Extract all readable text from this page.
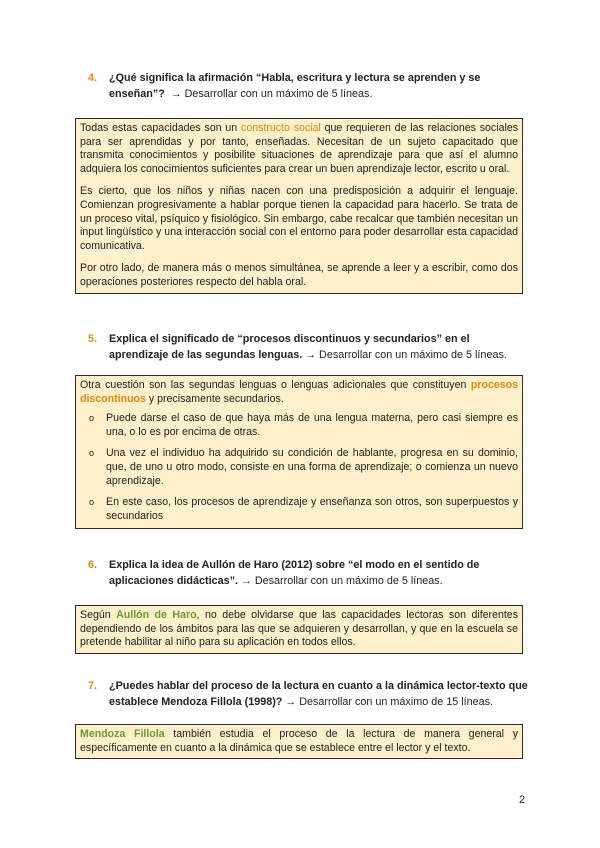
4. ¿Qué significa la afirmación “Habla, escritura y lectura se aprenden y se enseñan”? → Desarrollar con un máximo de 5 líneas.

Todas estas capacidades son un constructo social que requieren de las relaciones sociales para ser aprendidas y por tanto, enseñadas. Necesitan de un sujeto capacitado que transmita conocimientos y posibilite situaciones de aprendizaje para que así el alumno adquiera los conocimientos suficientes para crear un buen aprendizaje lector, escrito u oral.

Es cierto, que los niños y niñas nacen con una predisposición a adquirir el lenguaje. Comienzan progresivamente a hablar porque tienen la capacidad para hacerlo. Se trata de un proceso vital, psíquico y fisiológico. Sin embargo, cabe recalcar que también necesitan un input lingüístico y una interacción social con el entorno para poder desarrollar esta capacidad comunicativa.

Por otro lado, de manera más o menos simultánea, se aprende a leer y a escribir, como dos operaciones posteriores respecto del habla oral.

5. Explica el significado de “procesos discontinuos y secundarios” en el aprendizaje de las segundas lenguas. → Desarrollar con un máximo de 5 líneas.

Otra cuestión son las segundas lenguas o lenguas adicionales que constituyen procesos discontinuos y precisamente secundarios.

o Puede darse el caso de que haya más de una lengua materna, pero casi siempre es una, o lo es por encima de otras.
o Una vez el individuo ha adquirido su condición de hablante, progresa en su dominio, que, de uno u otro modo, consiste en una forma de aprendizaje; o comienza un nuevo aprendizaje.
o En este caso, los procesos de aprendizaje y enseñanza son otros, son superpuestos y secundarios
6. Explica la idea de Aullón de Haro (2012) sobre “el modo en el sentido de aplicaciones didácticas”. → Desarrollar con un máximo de 5 líneas.

Según Aullón de Haro, no debe olvidarse que las capacidades lectoras son diferentes dependiendo de los ámbitos para las que se adquieren y desarrollan, y que en la escuela se pretende habilitar al niño para su aplicación en todos ellos.

7. ¿Puedes hablar del proceso de la lectura en cuanto a la dinámica lector-texto que establece Mendoza Fillola (1998)? → Desarrollar con un máximo de 15 líneas.

Mendoza Fillola también estudia el proceso de la lectura de manera general y específicamente en cuanto a la dinámica que se establece entre el lector y el texto.

2
